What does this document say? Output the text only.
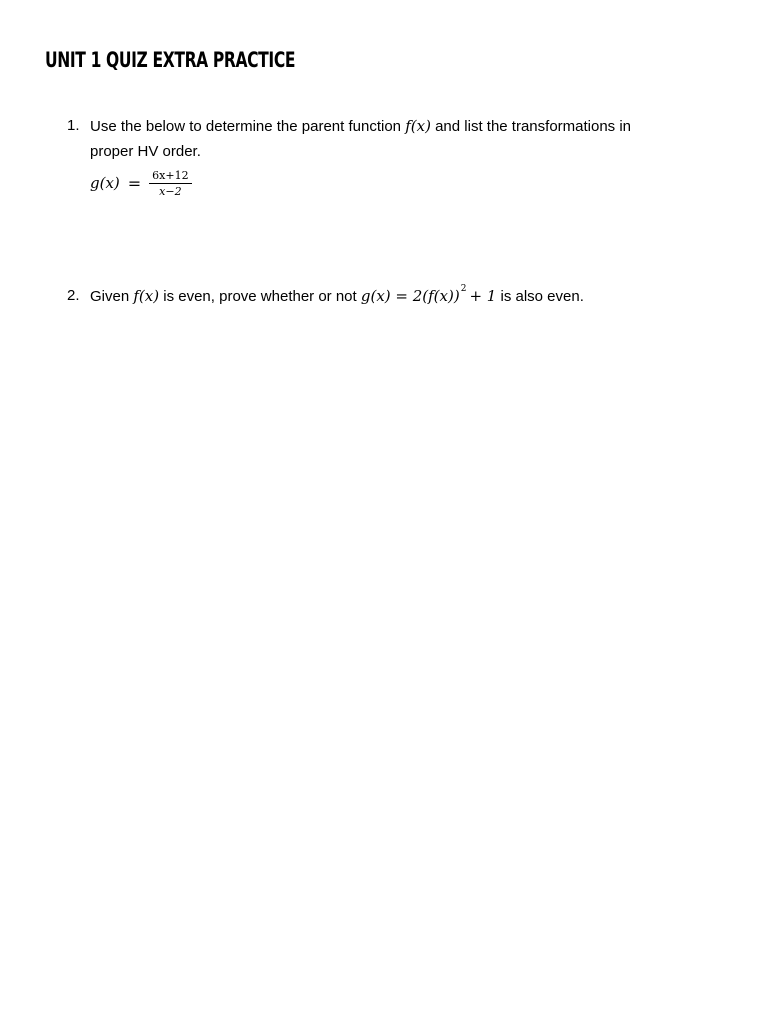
UNIT 1 QUIZ EXTRA PRACTICE
1. Use the below to determine the parent function f(x) and list the transformations in
proper HV order.
$g(x) = \frac{6x+12}{x-2}$
2. Given f(x) is even, prove whether or not $g(x) = 2(f(x))^2 + 1$ is also even.
